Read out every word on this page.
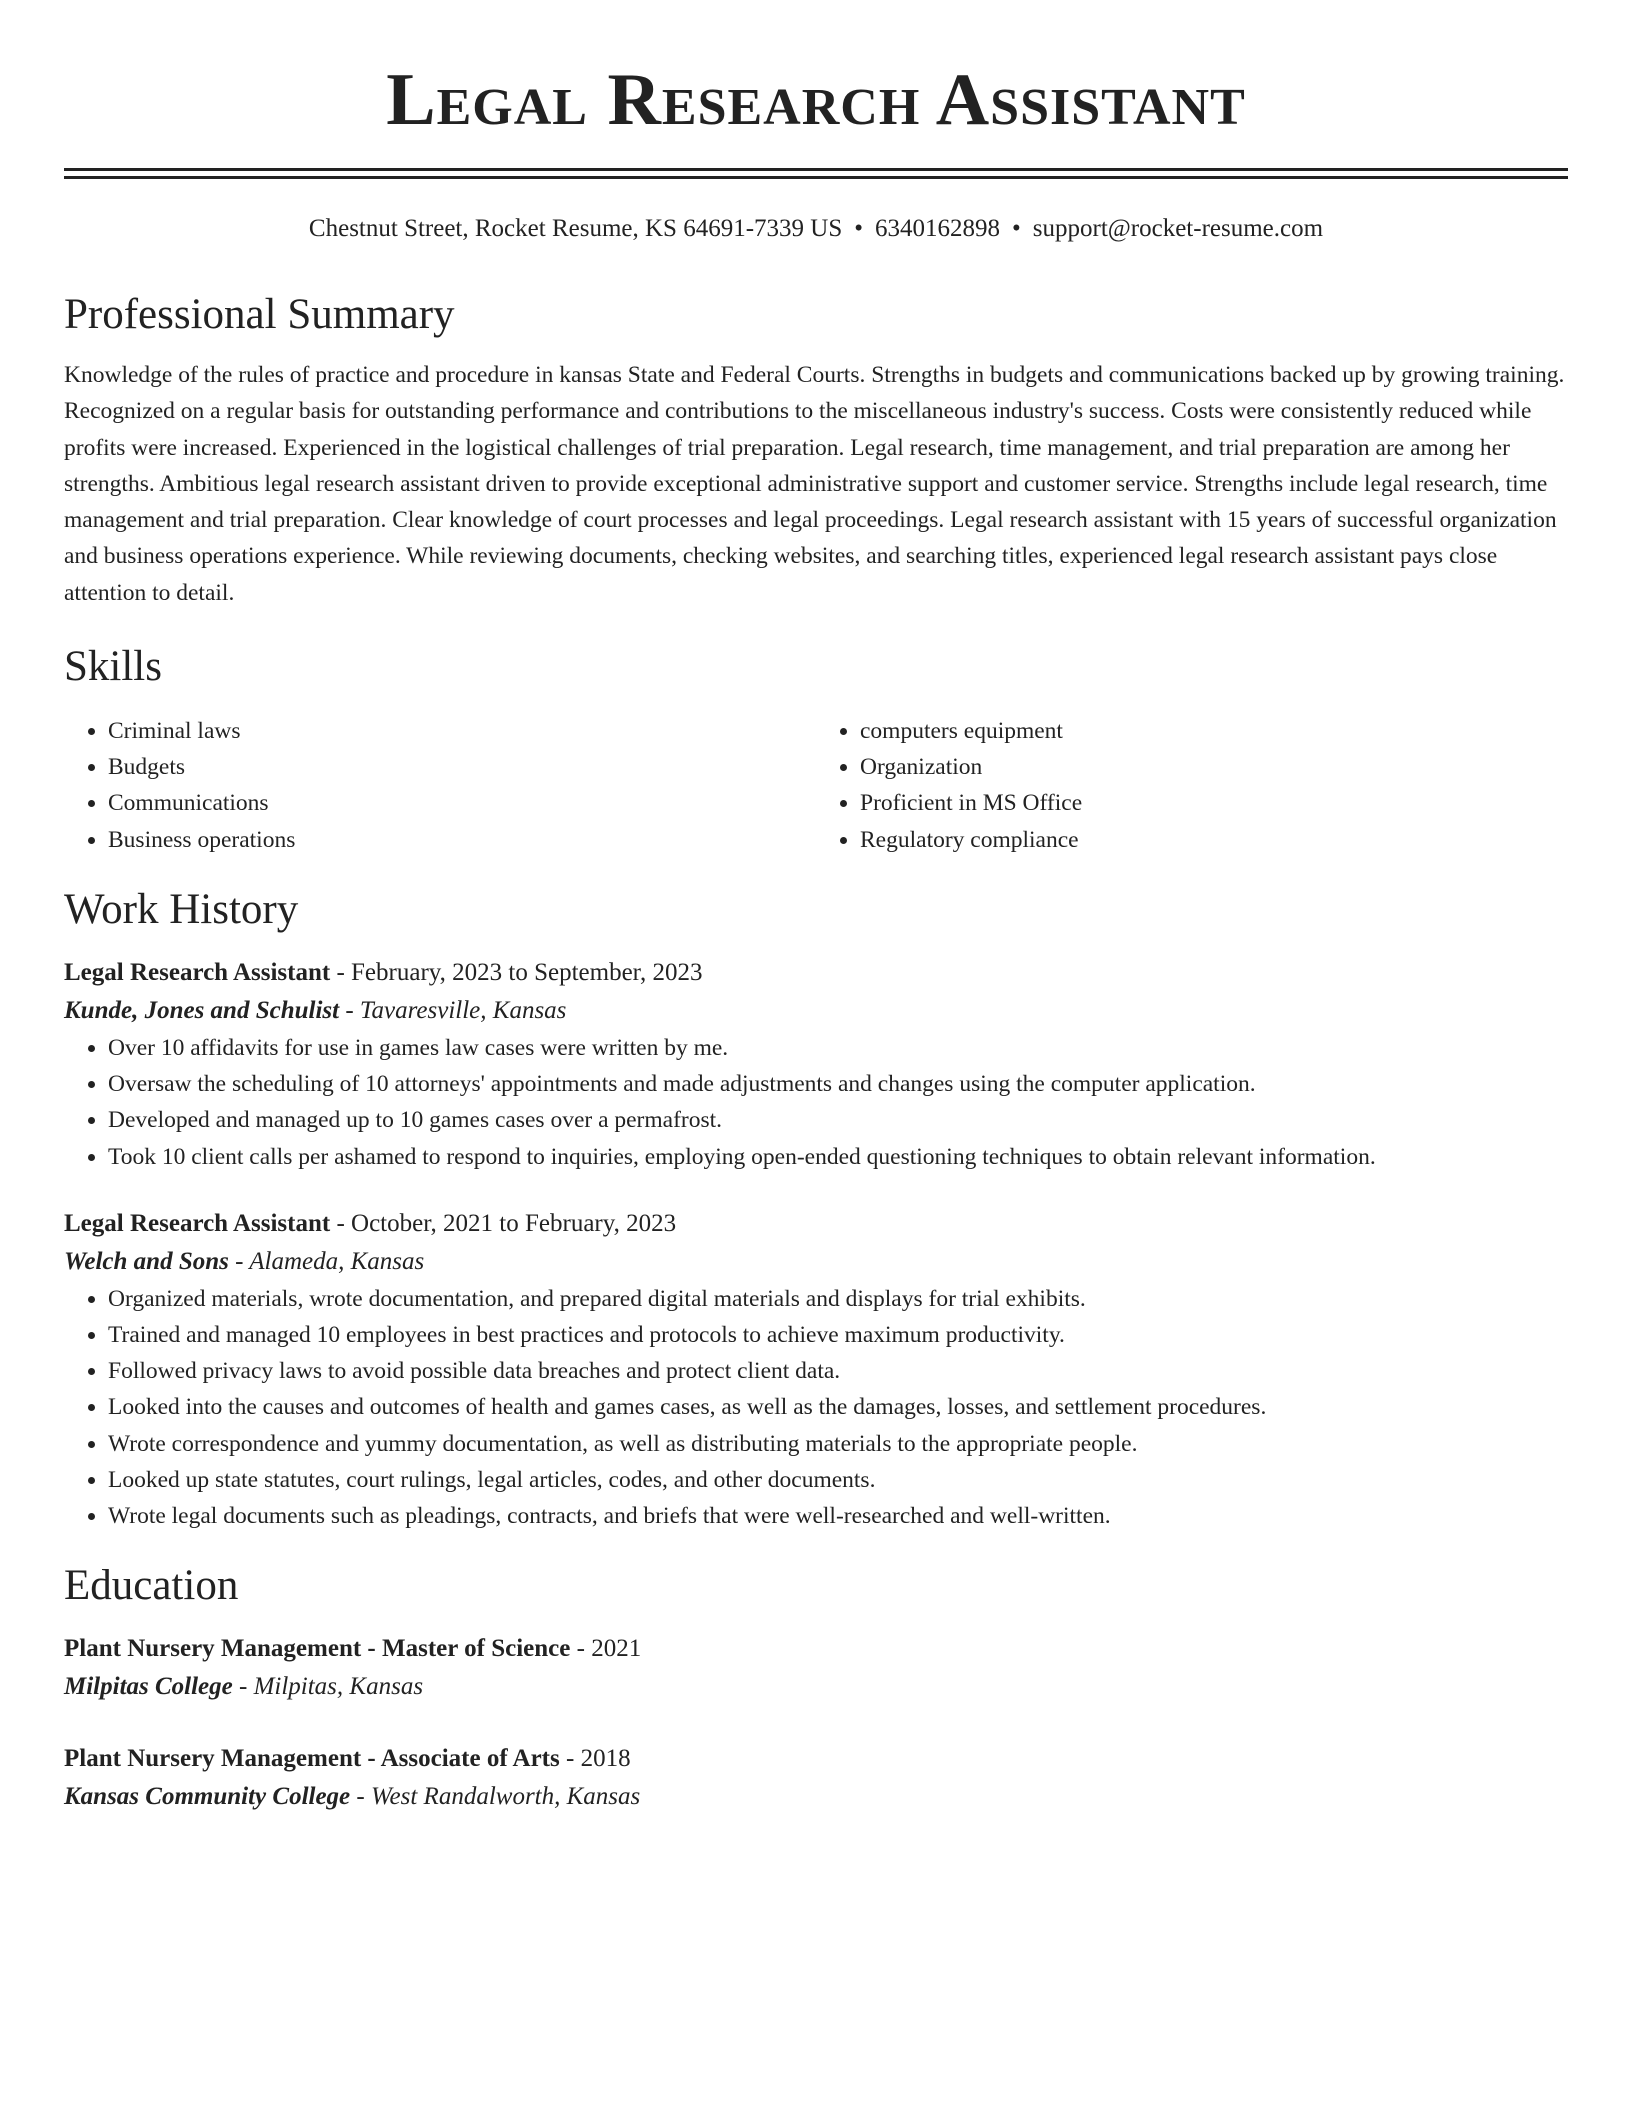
Legal Research Assistant
Chestnut Street, Rocket Resume, KS 64691-7339 US • 6340162898 • support@rocket-resume.com
Professional Summary
Knowledge of the rules of practice and procedure in kansas State and Federal Courts. Strengths in budgets and communications backed up by growing training. Recognized on a regular basis for outstanding performance and contributions to the miscellaneous industry's success. Costs were consistently reduced while profits were increased. Experienced in the logistical challenges of trial preparation. Legal research, time management, and trial preparation are among her strengths. Ambitious legal research assistant driven to provide exceptional administrative support and customer service. Strengths include legal research, time management and trial preparation. Clear knowledge of court processes and legal proceedings. Legal research assistant with 15 years of successful organization and business operations experience. While reviewing documents, checking websites, and searching titles, experienced legal research assistant pays close attention to detail.
Skills
• Criminal laws
• Budgets
• Communications
• Business operations
• computers equipment
• Organization
• Proficient in MS Office
• Regulatory compliance
Work History
Legal Research Assistant - February, 2023 to September, 2023
Kunde, Jones and Schulist - Tavaresville, Kansas
• Over 10 affidavits for use in games law cases were written by me.
• Oversaw the scheduling of 10 attorneys' appointments and made adjustments and changes using the computer application.
• Developed and managed up to 10 games cases over a permafrost.
• Took 10 client calls per ashamed to respond to inquiries, employing open-ended questioning techniques to obtain relevant information.
Legal Research Assistant - October, 2021 to February, 2023
Welch and Sons - Alameda, Kansas
• Organized materials, wrote documentation, and prepared digital materials and displays for trial exhibits.
• Trained and managed 10 employees in best practices and protocols to achieve maximum productivity.
• Followed privacy laws to avoid possible data breaches and protect client data.
• Looked into the causes and outcomes of health and games cases, as well as the damages, losses, and settlement procedures.
• Wrote correspondence and yummy documentation, as well as distributing materials to the appropriate people.
• Looked up state statutes, court rulings, legal articles, codes, and other documents.
• Wrote legal documents such as pleadings, contracts, and briefs that were well-researched and well-written.
Education
Plant Nursery Management - Master of Science - 2021
Milpitas College - Milpitas, Kansas
Plant Nursery Management - Associate of Arts - 2018
Kansas Community College - West Randalworth, Kansas
